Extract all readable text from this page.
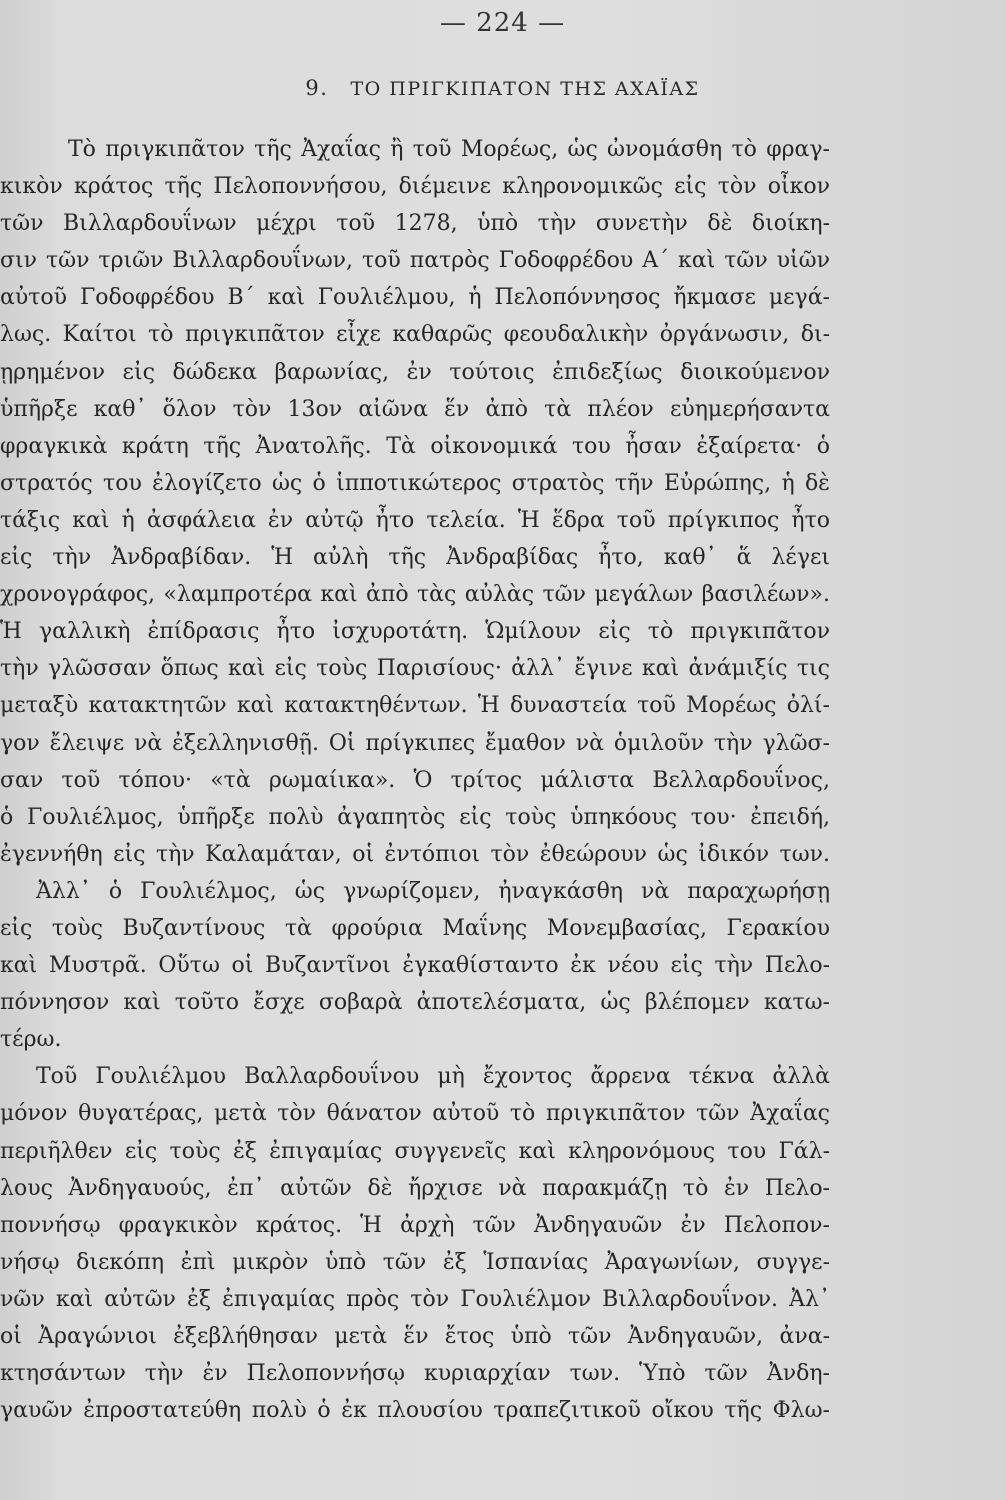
— 224 —
9. ΤΟ ΠΡΙΓΚΙΠΑΤΟΝ ΤΗΣ ΑΧΑΪΑΣ
Τὸ πριγκιπᾶτον τῆς Ἀχαΐας ἢ τοῦ Μορέως, ὡς ὠνομάσθη τὸ φραγ-
κικὸν κράτος τῆς Πελοποννήσου, διέμεινε κληρονομικῶς εἰς τὸν οἶκον
τῶν Βιλλαρδουΐνων μέχρι τοῦ 1278, ὑπὸ τὴν συνετὴν δὲ διοίκη-
σιν τῶν τριῶν Βιλλαρδουΐνων, τοῦ πατρὸς Γοδοφρέδου Α΄ καὶ τῶν υἱῶν
αὐτοῦ Γοδοφρέδου Β΄ καὶ Γουλιέλμου, ἡ Πελοπόννησος ἤκμασε μεγά-
λως. Καίτοι τὸ πριγκιπᾶτον εἶχε καθαρῶς φεουδαλικὴν ὀργάνωσιν, δι-
ῃρημένον εἰς δώδεκα βαρωνίας, ἐν τούτοις ἐπιδεξίως διοικούμενον
ὑπῆρξε καθ᾽ ὅλον τὸν 13ον αἰῶνα ἕν ἀπὸ τὰ πλέον εὐημερήσαντα
φραγκικὰ κράτη τῆς Ἀνατολῆς. Τὰ οἰκονομικά του ἦσαν ἐξαίρετα· ὁ
στρατός του ἐλογίζετο ὡς ὁ ἱπποτικώτερος στρατὸς τῆν Εὐρώπης, ἡ δὲ
τάξις καὶ ἡ ἀσφάλεια ἐν αὐτῷ ἦτο τελεία. Ἡ ἕδρα τοῦ πρίγκιπος ἦτο
εἰς τὴν Ἀνδραβίδαν. Ἡ αὐλὴ τῆς Ἀνδραβίδας ἦτο, καθ᾽ ἅ λέγει
χρονογράφος, «λαμπροτέρα καὶ ἀπὸ τὰς αὐλὰς τῶν μεγάλων βασιλέων».
Ἡ γαλλικὴ ἐπίδρασις ἦτο ἰσχυροτάτη. Ὡμίλουν εἰς τὸ πριγκιπᾶτον
τὴν γλῶσσαν ὅπως καὶ εἰς τοὺς Παρισίους· ἀλλ᾽ ἔγινε καὶ ἀνάμιξίς τις
μεταξὺ κατακτητῶν καὶ κατακτηθέντων. Ἡ δυναστεία τοῦ Μορέως ὀλί-
γον ἔλειψε νὰ ἐξελληνισθῇ. Οἱ πρίγκιπες ἔμαθον νὰ ὁμιλοῦν τὴν γλῶσ-
σαν τοῦ τόπου· «τὰ ρωμαίικα». Ὁ τρίτος μάλιστα Βελλαρδουΐνος,
ὁ Γουλιέλμος, ὑπῆρξε πολὺ ἀγαπητὸς εἰς τοὺς ὑπηκόους του· ἐπειδή,
ἐγεννήθη εἰς τὴν Καλαμάταν, οἱ ἐντόπιοι τὸν ἐθεώρουν ὡς ἰδικόν των.
Ἀλλ᾽ ὁ Γουλιέλμος, ὡς γνωρίζομεν, ἠναγκάσθη νὰ παραχωρήσῃ
εἰς τοὺς Βυζαντίνους τὰ φρούρια Μαΐνης Μονεμβασίας, Γερακίου
καὶ Μυστρᾶ. Οὕτω οἱ Βυζαντῖνοι ἐγκαθίσταντο ἐκ νέου εἰς τὴν Πελο-
πόννησον καὶ τοῦτο ἔσχε σοβαρὰ ἀποτελέσματα, ὡς βλέπομεν κατω-
τέρω.
Τοῦ Γουλιέλμου Βαλλαρδουΐνου μὴ ἔχοντος ἄρρενα τέκνα ἀλλὰ
μόνον θυγατέρας, μετὰ τὸν θάνατον αὐτοῦ τὸ πριγκιπᾶτον τῶν Ἀχαΐας
περιῆλθεν εἰς τοὺς ἐξ ἐπιγαμίας συγγενεῖς καὶ κληρονόμους του Γάλ-
λους Ἀνδηγαυούς, ἐπ᾽ αὐτῶν δὲ ἤρχισε νὰ παρακμάζῃ τὸ ἐν Πελο-
ποννήσῳ φραγκικὸν κράτος. Ἡ ἀρχὴ τῶν Ἀνδηγαυῶν ἐν Πελοπον-
νήσῳ διεκόπη ἐπὶ μικρὸν ὑπὸ τῶν ἐξ Ἱσπανίας Ἀραγωνίων, συγγε-
νῶν καὶ αὐτῶν ἐξ ἐπιγαμίας πρὸς τὸν Γουλιέλμον Βιλλαρδουΐνον. Ἀλ᾽
οἱ Ἀραγώνιοι ἐξεβλήθησαν μετὰ ἕν ἔτος ὑπὸ τῶν Ἀνδηγαυῶν, ἀνα-
κτησάντων τὴν ἐν Πελοποννήσῳ κυριαρχίαν των. Ὑπὸ τῶν Ἀνδη-
γαυῶν ἐπροστατεύθη πολὺ ὁ ἐκ πλουσίου τραπεζιτικοῦ οἴκου τῆς Φλω-
